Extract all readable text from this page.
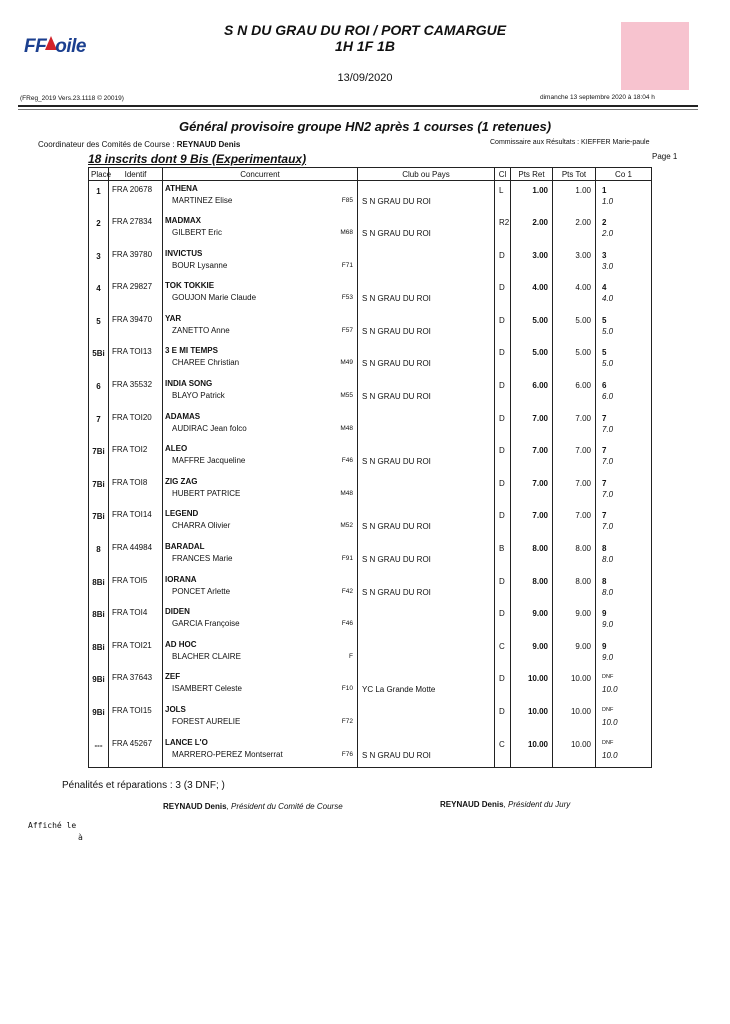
FF oile
S N DU GRAU DU ROI / PORT CAMARGUE
1H 1F 1B
13/09/2020
(FReg_2019 Vers.23.1118 © 20019)	dimanche 13 septembre 2020 à 18:04 h
Général provisoire groupe HN2 après 1 courses (1 retenues)
Coordinateur des Comités de Course : REYNAUD Denis	Commissaire aux Résultats : KIEFFER Marie-paule
Page 1
18 inscrits dont 9 Bis (Experimentaux)
Place	Identif	Concurrent	Club ou Pays	Cl	Pts Ret	Pts Tot	Co 1
1	FRA 20678	ATHENA
MARTINEZ Elise F85	S N GRAU DU ROI	L	1.00	1.00	1
1.0

2	FRA 27834	MADMAX
GILBERT Eric M68	S N GRAU DU ROI	R2	2.00	2.00	2
2.0

3	FRA 39780	INVICTUS
BOUR Lysanne F71		D	3.00	3.00	3
3.0

4	FRA 29827	TOK TOKKIE
GOUJON Marie Claude F53	S N GRAU DU ROI	D	4.00	4.00	4
4.0

5	FRA 39470	YAR
ZANETTO Anne F57	S N GRAU DU ROI	D	5.00	5.00	5
5.0

5Bi	FRA TOI13	3 E MI TEMPS
CHAREE Christian M49	S N GRAU DU ROI	D	5.00	5.00	5
5.0

6	FRA 35532	INDIA SONG
BLAYO Patrick M55	S N GRAU DU ROI	D	6.00	6.00	6
6.0

7	FRA TOI20	ADAMAS
AUDIRAC Jean folco M48		D	7.00	7.00	7
7.0

7Bi	FRA TOI2	ALEO
MAFFRE Jacqueline F46	S N GRAU DU ROI	D	7.00	7.00	7
7.0

7Bi	FRA TOI8	ZIG ZAG
HUBERT PATRICE M48		D	7.00	7.00	7
7.0

7Bi	FRA TOI14	LEGEND
CHARRA Olivier M52	S N GRAU DU ROI	D	7.00	7.00	7
7.0

8	FRA 44984	BARADAL
FRANCES Marie F91	S N GRAU DU ROI	B	8.00	8.00	8
8.0

8Bi	FRA TOI5	IORANA
PONCET Arlette F42	S N GRAU DU ROI	D	8.00	8.00	8
8.0

8Bi	FRA TOI4	DIDEN
GARCIA Françoise F46		D	9.00	9.00	9
9.0

8Bi	FRA TOI21	AD HOC
BLACHER CLAIRE F		C	9.00	9.00	9
9.0

9Bi	FRA 37643	ZEF
ISAMBERT Celeste F10	YC La Grande Motte	D	10.00	10.00	DNF
10.0

9Bi	FRA TOI15	JOLS
FOREST AURELIE F72		D	10.00	10.00	DNF
10.0

---	FRA 45267	LANCE L'O
MARRERO-PEREZ Montserrat F76	S N GRAU DU ROI	C	10.00	10.00	DNF
10.0
Pénalités et réparations : 3 (3 DNF; )
REYNAUD Denis, Président du Comité de Course	REYNAUD Denis, Président du Jury
Affiché le
à
